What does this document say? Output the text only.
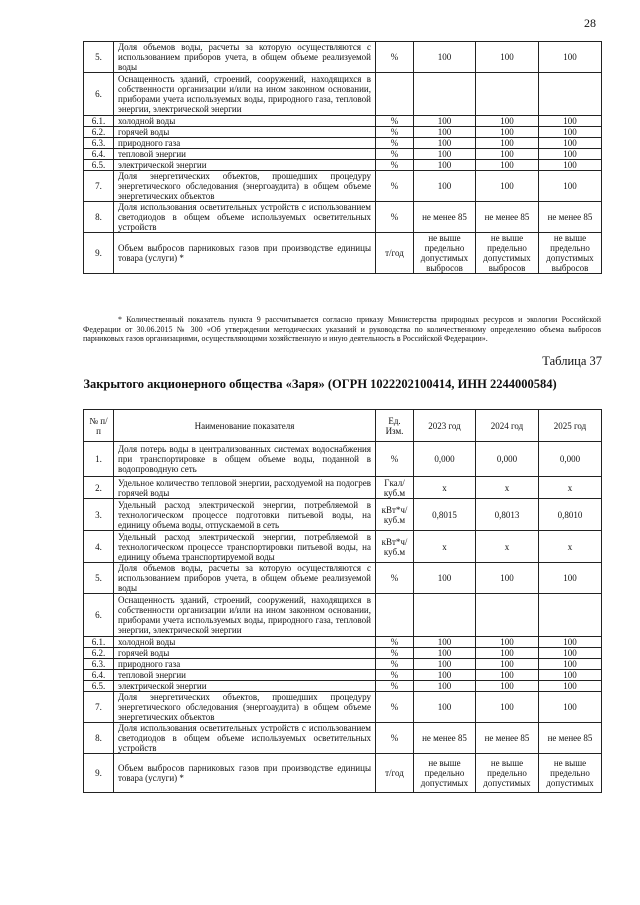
28
5.	Доля объемов воды, расчеты за которую осуществляются с использованием приборов учета, в общем объеме реализуемой воды	%	100	100	100
6.	Оснащенность зданий, строений, сооружений, находящихся в собственности организации и/или на ином законном основании, приборами учета используемых воды, природного газа, тепловой энергии, электрической энергии				
6.1.	холодной воды	%	100	100	100
6.2.	горячей воды	%	100	100	100
6.3.	природного газа	%	100	100	100
6.4.	тепловой энергии	%	100	100	100
6.5.	электрической энергии	%	100	100	100
7.	Доля энергетических объектов, прошедших процедуру энергетического обследования (энергоаудита) в общем объеме энергетических объектов	%	100	100	100
8.	Доля использования осветительных устройств с использованием светодиодов в общем объеме используемых осветительных устройств	%	не менее 85	не менее 85	не менее 85
9.	Объем выбросов парниковых газов при производстве единицы товара (услуги) *	т/год	не выше предельно допустимых выбросов	не выше предельно допустимых выбросов	не выше предельно допустимых выбросов
* Количественный показатель пункта 9 рассчитывается согласно приказу Министерства природных ресурсов и экологии Российской Федерации от 30.06.2015 № 300 «Об утверждении методических указаний и руководства по количественному определению объема выбросов парниковых газов организациями, осуществляющими хозяйственную и иную деятельность в Российской Федерации».
Таблица 37
Закрытого акционерного общества «Заря» (ОГРН 1022202100414, ИНН 2244000584)
№ п/п	Наименование показателя	Ед. Изм.	2023 год	2024 год	2025 год
1.	Доля потерь воды в централизованных системах водоснабжения при транспортировке в общем объеме воды, поданной в водопроводную сеть	%	0,000	0,000	0,000
2.	Удельное количество тепловой энергии, расходуемой на подогрев горячей воды	Гкал/ куб.м	x	x	x
3.	Удельный расход электрической энергии, потребляемой в технологическом процессе подготовки питьевой воды, на единицу объема воды, отпускаемой в сеть	кВт*ч/ куб.м	0,8015	0,8013	0,8010
4.	Удельный расход электрической энергии, потребляемой в технологическом процессе транспортировки питьевой воды, на единицу объема транспортируемой воды	кВт*ч/ куб.м	x	x	x
5.	Доля объемов воды, расчеты за которую осуществляются с использованием приборов учета, в общем объеме реализуемой воды	%	100	100	100
6.	Оснащенность зданий, строений, сооружений, находящихся в собственности организации и/или на ином законном основании, приборами учета используемых воды, природного газа, тепловой энергии, электрической энергии				
6.1.	холодной воды	%	100	100	100
6.2.	горячей воды	%	100	100	100
6.3.	природного газа	%	100	100	100
6.4.	тепловой энергии	%	100	100	100
6.5.	электрической энергии	%	100	100	100
7.	Доля энергетических объектов, прошедших процедуру энергетического обследования (энергоаудита) в общем объеме энергетических объектов	%	100	100	100
8.	Доля использования осветительных устройств с использованием светодиодов в общем объеме используемых осветительных устройств	%	не менее 85	не менее 85	не менее 85
9.	Объем выбросов парниковых газов при производстве единицы товара (услуги) *	т/год	не выше предельно допустимых	не выше предельно допустимых	не выше предельно допустимых
